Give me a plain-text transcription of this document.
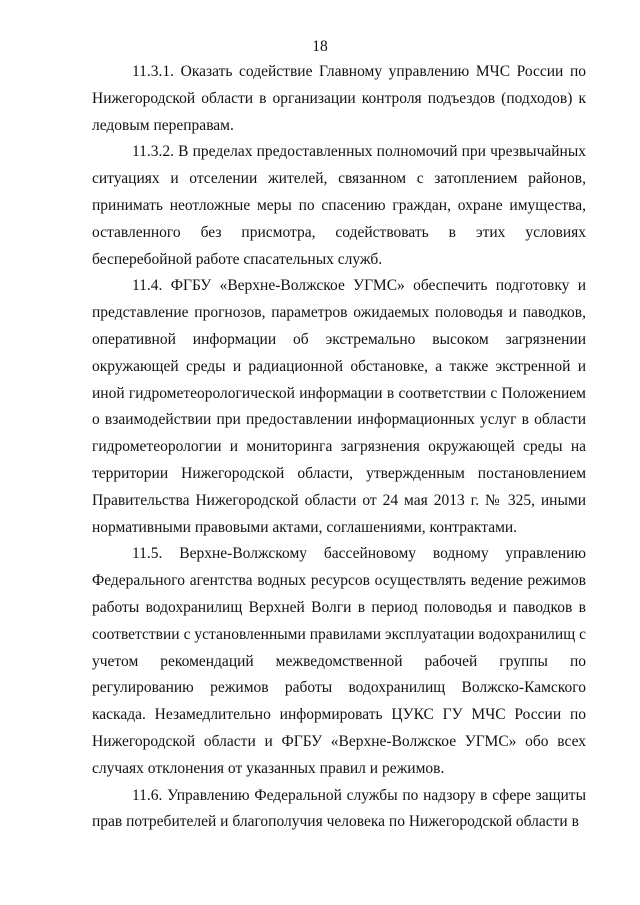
18

11.3.1. Оказать содействие Главному управлению МЧС России по Нижегородской области в организации контроля подъездов (подходов) к ледовым переправам.

11.3.2. В пределах предоставленных полномочий при чрезвычайных ситуациях и отселении жителей, связанном с затоплением районов, принимать неотложные меры по спасению граждан, охране имущества, оставленного без присмотра, содействовать в этих условиях бесперебойной работе спасательных служб.

11.4. ФГБУ «Верхне-Волжское УГМС» обеспечить подготовку и представление прогнозов, параметров ожидаемых половодья и паводков, оперативной информации об экстремально высоком загрязнении окружающей среды и радиационной обстановке, а также экстренной и иной гидрометеорологической информации в соответствии с Положением о взаимодействии при предоставлении информационных услуг в области гидрометеорологии и мониторинга загрязнения окружающей среды на территории Нижегородской области, утвержденным постановлением Правительства Нижегородской области от 24 мая 2013 г. № 325, иными нормативными правовыми актами, соглашениями, контрактами.

11.5. Верхне-Волжскому бассейновому водному управлению Федерального агентства водных ресурсов осуществлять ведение режимов работы водохранилищ Верхней Волги в период половодья и паводков в соответствии с установленными правилами эксплуатации водохранилищ с учетом рекомендаций межведомственной рабочей группы по регулированию режимов работы водохранилищ Волжско-Камского каскада. Незамедлительно информировать ЦУКС ГУ МЧС России по Нижегородской области и ФГБУ «Верхне-Волжское УГМС» обо всех случаях отклонения от указанных правил и режимов.

11.6. Управлению Федеральной службы по надзору в сфере защиты прав потребителей и благополучия человека по Нижегородской области в
